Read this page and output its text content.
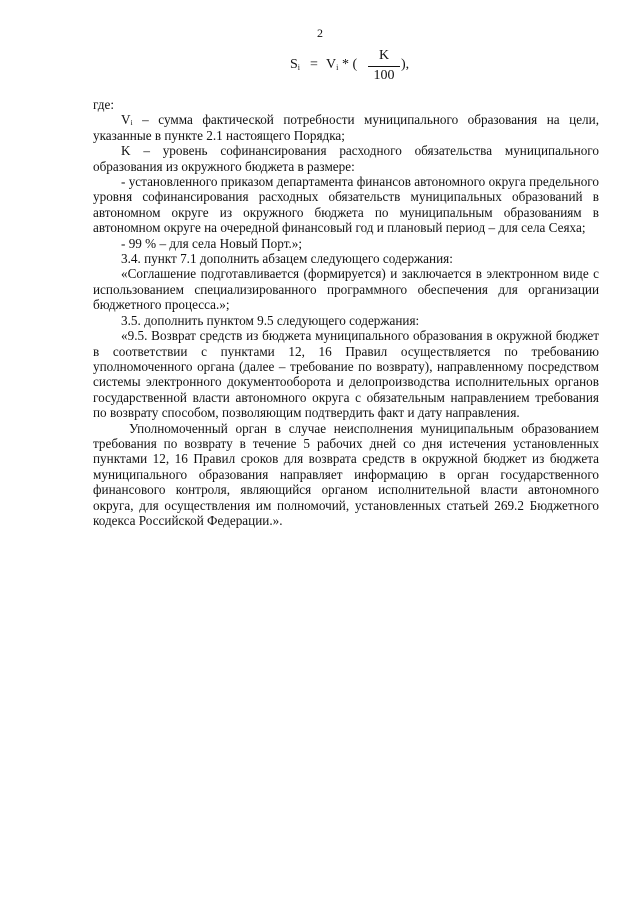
2
$S_i = V_i$ * (
K
100
),

где:

Vᵢ – сумма фактической потребности муниципального образования на цели, указанные в пункте 2.1 настоящего Порядка;

K – уровень софинансирования расходного обязательства муниципального образования из окружного бюджета в размере:

- установленного приказом департамента финансов автономного округа предельного уровня софинансирования расходных обязательств муниципальных образований в автономном округе из окружного бюджета по муниципальным образованиям в автономном округе на очередной финансовый год и плановый период – для села Сеяха;

- 99 % – для села Новый Порт.»;

3.4. пункт 7.1 дополнить абзацем следующего содержания:

«Соглашение подготавливается (формируется) и заключается в электронном виде с использованием специализированного программного обеспечения для организации бюджетного процесса.»;

3.5. дополнить пунктом 9.5 следующего содержания:

«9.5. Возврат средств из бюджета муниципального образования в окружной бюджет в соответствии с пунктами 12, 16 Правил осуществляется по требованию уполномоченного органа (далее – требование по возврату), направленному посредством системы электронного документооборота и делопроизводства исполнительных органов государственной власти автономного округа с обязательным направлением требования по возврату способом, позволяющим подтвердить факт и дату направления.

Уполномоченный орган в случае неисполнения муниципальным образованием требования по возврату в течение 5 рабочих дней со дня истечения установленных пунктами 12, 16 Правил сроков для возврата средств в окружной бюджет из бюджета муниципального образования направляет информацию в орган государственного финансового контроля, являющийся органом исполнительной власти автономного округа, для осуществления им полномочий, установленных статьей 269.2 Бюджетного кодекса Российской Федерации.».
